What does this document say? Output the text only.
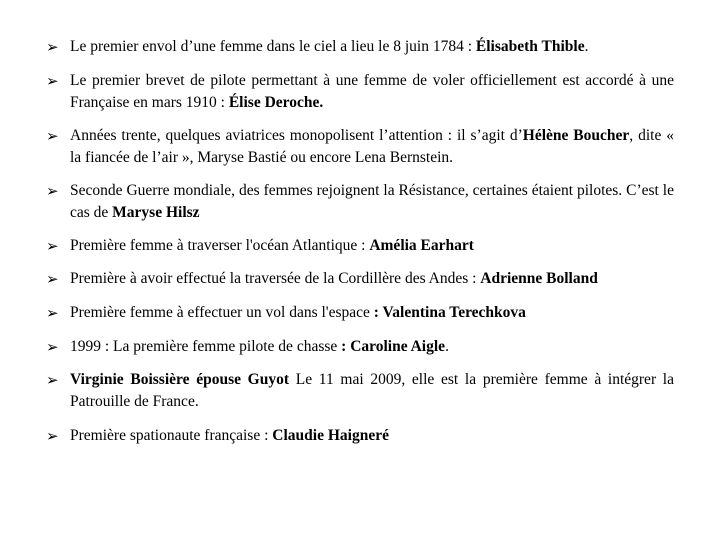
➢ Le premier envol d’une femme dans le ciel a lieu le 8 juin 1784 : Élisabeth Thible.
➢ Le premier brevet de pilote permettant à une femme de voler officiellement est accordé à une Française en mars 1910 : Élise Deroche.
➢ Années trente, quelques aviatrices monopolisent l’attention : il s’agit d’Hélène Boucher, dite « la fiancée de l’air », Maryse Bastié ou encore Lena Bernstein.
➢ Seconde Guerre mondiale, des femmes rejoignent la Résistance, certaines étaient pilotes. C’est le cas de Maryse Hilsz
➢ Première femme à traverser l'océan Atlantique : Amélia Earhart
➢ Première à avoir effectué la traversée de la Cordillère des Andes : Adrienne Bolland
➢ Première femme à effectuer un vol dans l'espace : Valentina Terechkova
➢ 1999 : La première femme pilote de chasse : Caroline Aigle.
➢ Virginie Boissière épouse Guyot Le 11 mai 2009, elle est la première femme à intégrer la Patrouille de France.
➢ Première spationaute française : Claudie Haigneré
